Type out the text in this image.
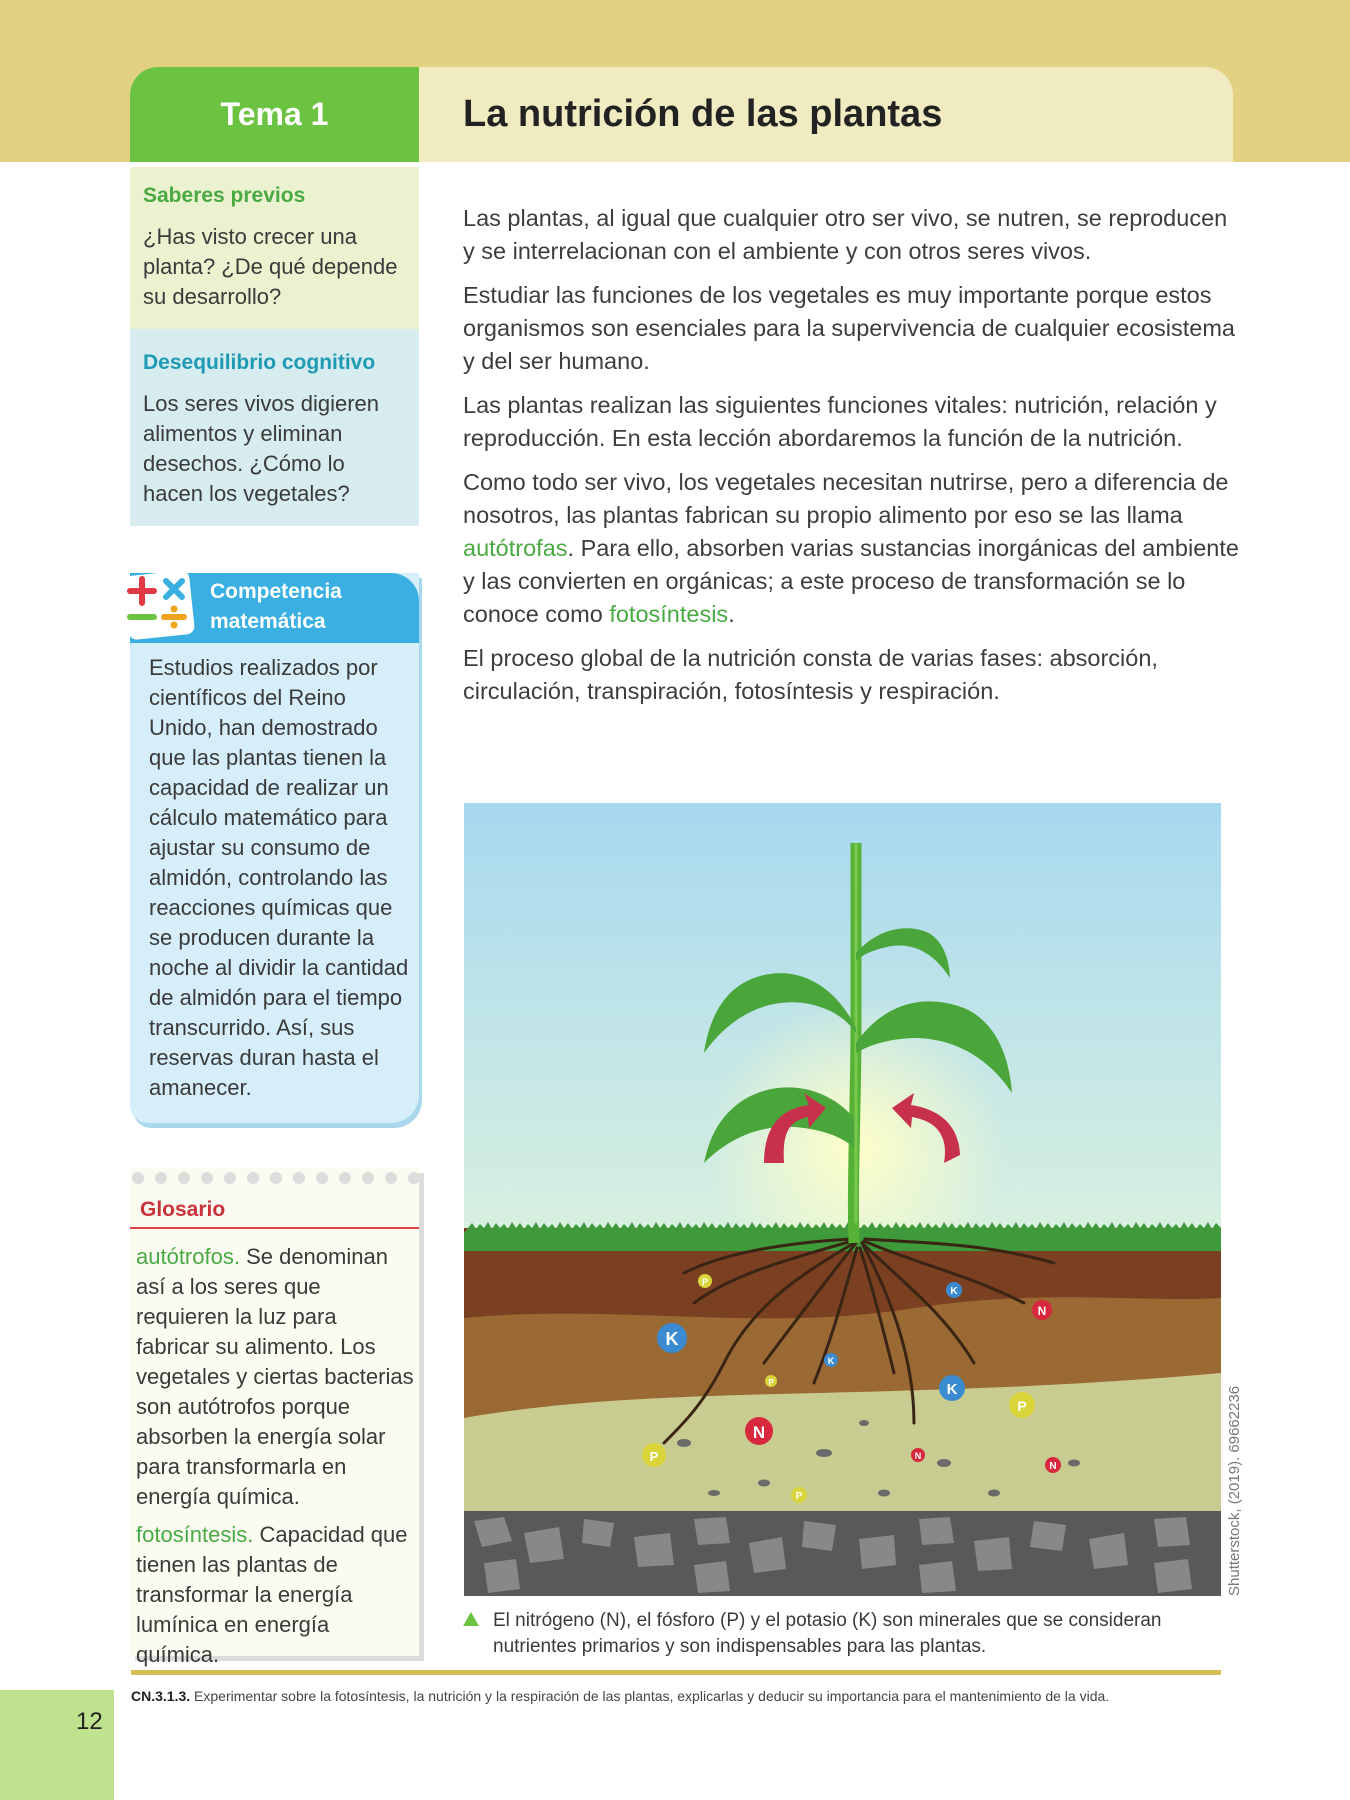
Tema 1	La nutrición de las plantas
Saberes previos
¿Has visto crecer una planta? ¿De qué depende su desarrollo?
Desequilibrio cognitivo
Los seres vivos digieren alimentos y eliminan desechos. ¿Cómo lo hacen los vegetales?
Competencia
matemática
Estudios realizados por científicos del Reino Unido, han demostrado que las plantas tienen la capacidad de realizar un cálculo matemático para ajustar su consumo de almidón, controlando las reacciones químicas que se producen durante la noche al dividir la cantidad de almidón para el tiempo transcurrido. Así, sus reservas duran hasta el amanecer.
Glosario

autótrofos. Se denominan así a los seres que requieren la luz para fabricar su alimento. Los vegetales y ciertas bacterias son autótrofos porque absorben la energía solar para transformarla en energía química.

fotosíntesis. Capacidad que tienen las plantas de transformar la energía lumínica en energía química.

Las plantas, al igual que cualquier otro ser vivo, se nutren, se reproducen y se interrelacionan con el ambiente y con otros seres vivos.

Estudiar las funciones de los vegetales es muy importante porque estos organismos son esenciales para la supervivencia de cualquier ecosistema y del ser humano.

Las plantas realizan las siguientes funciones vitales: nutrición, relación y reproducción. En esta lección abordaremos la función de la nutrición.

Como todo ser vivo, los vegetales necesitan nutrirse, pero a diferencia de nosotros, las plantas fabrican su propio alimento por eso se las llama autótrofas. Para ello, absorben varias sustancias inorgánicas del ambiente y las convierten en orgánicas; a este proceso de transformación se lo conoce como fotosíntesis.

El proceso global de la nutrición consta de varias fases: absorción, circulación, transpiración, fotosíntesis y respiración.

K
K
K
K
N
N
N
N
P
P
P
P
P	Shutterstock, (2019). 69662236
El nitrógeno (N), el fósforo (P) y el potasio (K) son minerales que se consideran nutrientes primarios y son indispensables para las plantas.
CN.3.1.3. Experimentar sobre la fotosíntesis, la nutrición y la respiración de las plantas, explicarlas y deducir su importancia para el mantenimiento de la vida.
12
